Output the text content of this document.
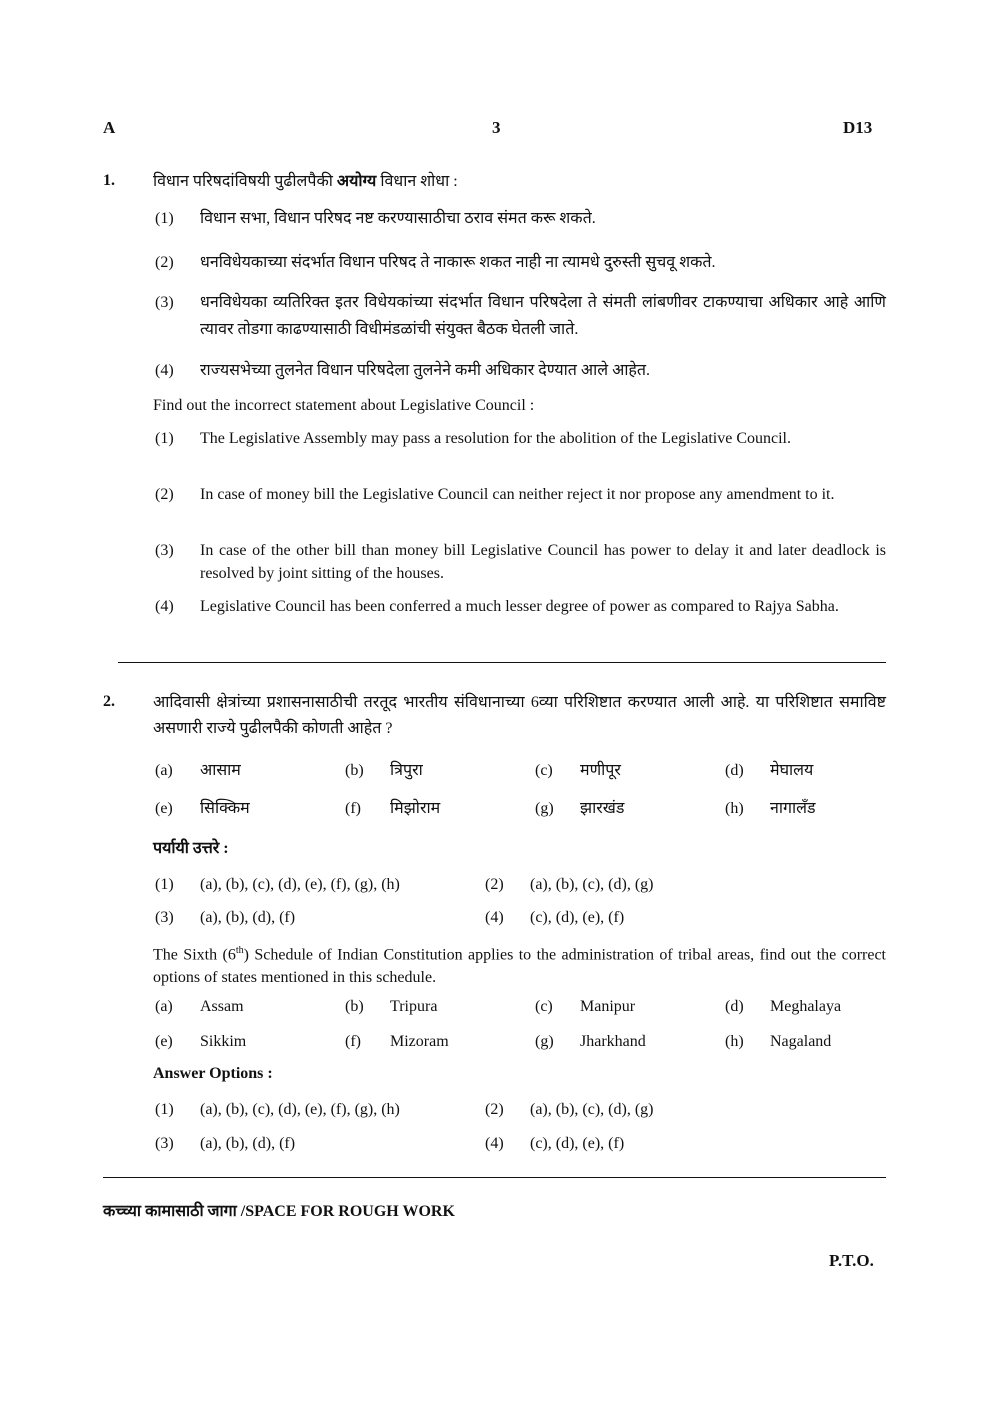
A	3	D13
1. विधान परिषदांविषयी पुढीलपैकी अयोग्य विधान शोधा :
(1)	विधान सभा, विधान परिषद नष्ट करण्यासाठीचा ठराव संमत करू शकते.
(2)	धनविधेयकाच्या संदर्भात विधान परिषद ते नाकारू शकत नाही ना त्यामधे दुरुस्ती सुचवू शकते.
(3)	धनविधेयका व्यतिरिक्त इतर विधेयकांच्या संदर्भात विधान परिषदेला ते संमती लांबणीवर टाकण्याचा अधिकार आहे आणि त्यावर तोडगा काढण्यासाठी विधीमंडळांची संयुक्त बैठक घेतली जाते.
(4)	राज्यसभेच्या तुलनेत विधान परिषदेला तुलनेने कमी अधिकार देण्यात आले आहेत.
Find out the incorrect statement about Legislative Council :
(1)	The Legislative Assembly may pass a resolution for the abolition of the Legislative Council.
(2)	In case of money bill the Legislative Council can neither reject it nor propose any amendment to it.
(3)	In case of the other bill than money bill Legislative Council has power to delay it and later deadlock is resolved by joint sitting of the houses.
(4)	Legislative Council has been conferred a much lesser degree of power as compared to Rajya Sabha.
2. आदिवासी क्षेत्रांच्या प्रशासनासाठीची तरतूद भारतीय संविधानाच्या 6व्या परिशिष्टात करण्यात आली आहे. या परिशिष्टात समाविष्ट असणारी राज्ये पुढीलपैकी कोणती आहेत ?
(a)	आसाम	(b)	त्रिपुरा	(c)	मणीपूर	(d)	मेघालय
(e)	सिक्किम	(f)	मिझोराम	(g)	झारखंड	(h)	नागालँड
पर्यायी उत्तरे :
(1)	(a), (b), (c), (d), (e), (f), (g), (h)	(2)	(a), (b), (c), (d), (g)
(3)	(a), (b), (d), (f)	(4)	(c), (d), (e), (f)
The Sixth (6th) Schedule of Indian Constitution applies to the administration of tribal areas, find out the correct options of states mentioned in this schedule.
(a)	Assam	(b)	Tripura	(c)	Manipur	(d)	Meghalaya
(e)	Sikkim	(f)	Mizoram	(g)	Jharkhand	(h)	Nagaland
Answer Options :
(1)	(a), (b), (c), (d), (e), (f), (g), (h)	(2)	(a), (b), (c), (d), (g)
(3)	(a), (b), (d), (f)	(4)	(c), (d), (e), (f)
कच्च्या कामासाठी जागा /SPACE FOR ROUGH WORK
P.T.O.
